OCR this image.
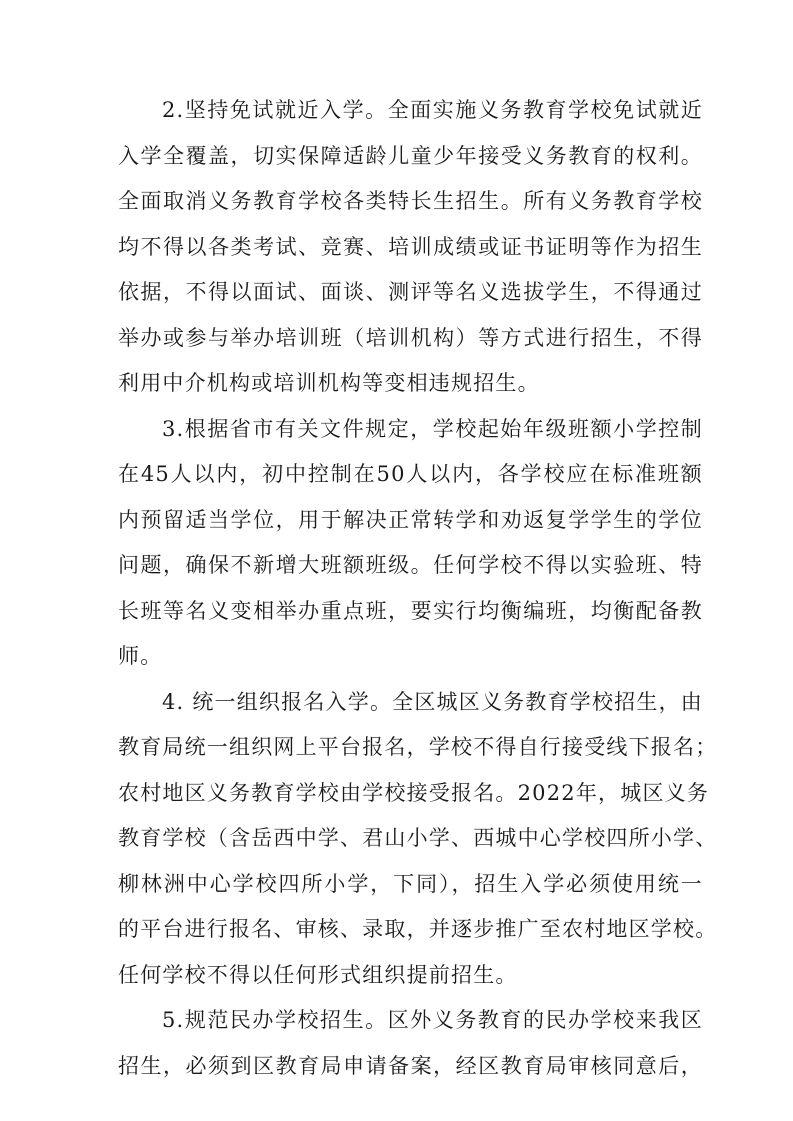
2.坚持免试就近入学。全面实施义务教育学校免试就近
入学全覆盖，切实保障适龄儿童少年接受义务教育的权利。
全面取消义务教育学校各类特长生招生。所有义务教育学校
均不得以各类考试、竞赛、培训成绩或证书证明等作为招生
依据，不得以面试、面谈、测评等名义选拔学生，不得通过
举办或参与举办培训班（培训机构）等方式进行招生，不得
利用中介机构或培训机构等变相违规招生。
3.根据省市有关文件规定，学校起始年级班额小学控制
在45人以内，初中控制在50人以内，各学校应在标准班额
内预留适当学位，用于解决正常转学和劝返复学学生的学位
问题，确保不新增大班额班级。任何学校不得以实验班、特
长班等名义变相举办重点班，要实行均衡编班，均衡配备教
师。
4. 统一组织报名入学。全区城区义务教育学校招生，由
教育局统一组织网上平台报名，学校不得自行接受线下报名；
农村地区义务教育学校由学校接受报名。2022年，城区义务
教育学校（含岳西中学、君山小学、西城中心学校四所小学、
柳林洲中心学校四所小学，下同），招生入学必须使用统一
的平台进行报名、审核、录取，并逐步推广至农村地区学校。
任何学校不得以任何形式组织提前招生。
5.规范民办学校招生。区外义务教育的民办学校来我区
招生，必须到区教育局申请备案，经区教育局审核同意后，
